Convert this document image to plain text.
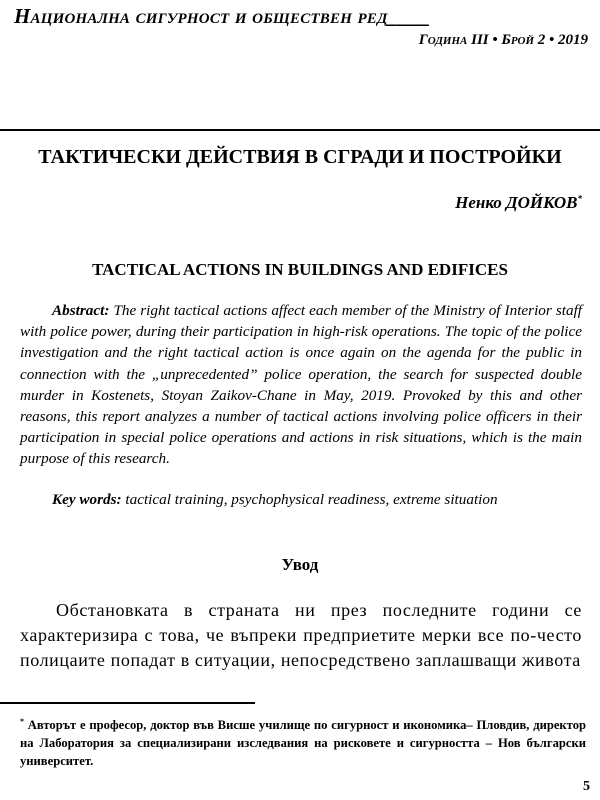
Национална сигурност и обществен ред____
Година III • Брой 2 • 2019
ТАКТИЧЕСКИ ДЕЙСТВИЯ В СГРАДИ И ПОСТРОЙКИ
Ненко ДОЙКОВ*
TACTICAL ACTIONS IN BUILDINGS AND EDIFICES

Abstract: The right tactical actions affect each member of the Ministry of Interior staff with police power, during their participation in high-risk operations. The topic of the police investigation and the right tactical action is once again on the agenda for the public in connection with the „unprecedented” police operation, the search for suspected double murder in Kostenets, Stoyan Zaikov-Chane in May, 2019. Provoked by this and other reasons, this report analyzes a number of tactical actions involving police officers in their participation in special police operations and actions in risk situations, which is the main purpose of this research.

Key words: tactical training, psychophysical readiness, extreme situation

Увод

Обстановката в страната ни през последните години се характеризира с това, че въпреки предприетите мерки все по-често полицаите попадат в ситуации, непосредствено заплашващи живота

* Авторът е професор, доктор във Висше училище по сигурност и икономика– Пловдив, директор на Лаборатория за специализирани изследвания на рисковете и сигурността – Нов български университет.

5
